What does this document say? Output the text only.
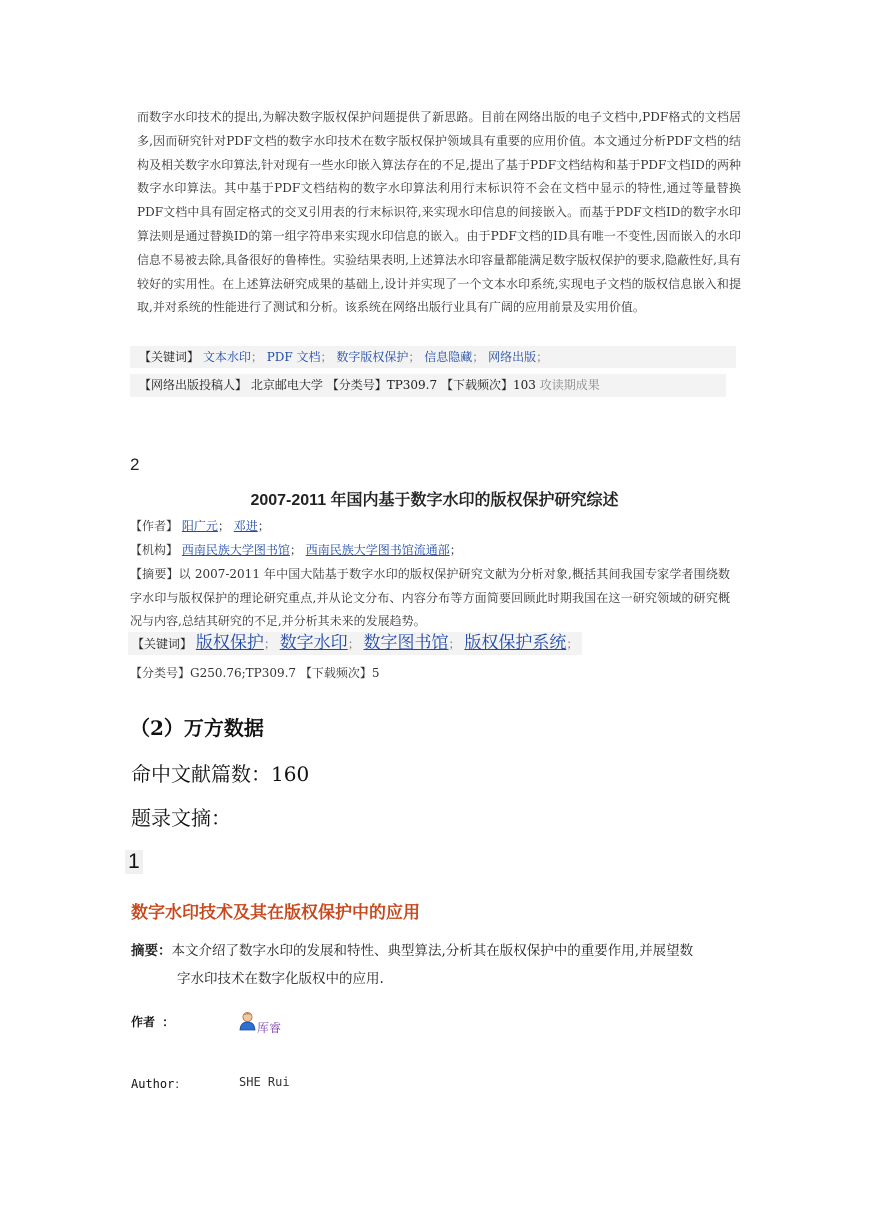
而数字水印技术的提出,为解决数字版权保护问题提供了新思路。目前在网络出版的电子文档中,PDF格式的文档居多,因而研究针对PDF文档的数字水印技术在数字版权保护领域具有重要的应用价值。本文通过分析PDF文档的结构及相关数字水印算法,针对现有一些水印嵌入算法存在的不足,提出了基于PDF文档结构和基于PDF文档ID的两种数字水印算法。其中基于PDF文档结构的数字水印算法利用行末标识符不会在文档中显示的特性,通过等量替换PDF文档中具有固定格式的交叉引用表的行末标识符,来实现水印信息的间接嵌入。而基于PDF文档ID的数字水印算法则是通过替换ID的第一组字符串来实现水印信息的嵌入。由于PDF文档的ID具有唯一不变性,因而嵌入的水印信息不易被去除,具备很好的鲁棒性。实验结果表明,上述算法水印容量都能满足数字版权保护的要求,隐蔽性好,具有较好的实用性。在上述算法研究成果的基础上,设计并实现了一个文本水印系统,实现电子文档的版权信息嵌入和提取,并对系统的性能进行了测试和分析。该系统在网络出版行业具有广阔的应用前景及实用价值。
【关键词】 文本水印； PDF 文档； 数字版权保护； 信息隐藏； 网络出版；
【网络出版投稿人】 北京邮电大学 【分类号】TP309.7 【下载频次】103 攻读期成果
2
2007-2011 年国内基于数字水印的版权保护研究综述
【作者】 阳广元； 邓进；
【机构】 西南民族大学图书馆； 西南民族大学图书馆流通部；
【摘要】以 2007-2011 年中国大陆基于数字水印的版权保护研究文献为分析对象,概括其间我国专家学者围绕数字水印与版权保护的理论研究重点,并从论文分布、内容分布等方面简要回顾此时期我国在这一研究领域的研究概况与内容,总结其研究的不足,并分析其未来的发展趋势。
【关键词】 版权保护； 数字水印； 数字图书馆； 版权保护系统；
【分类号】G250.76;TP309.7 【下载频次】5
（2）万方数据
命中文献篇数：160
题录文摘：
1
数字水印技术及其在版权保护中的应用
摘要：本文介绍了数字水印的发展和特性、典型算法,分析其在版权保护中的重要作用,并展望数
字水印技术在数字化版权中的应用.
作者 ：	厍睿
Author：	SHE Rui
